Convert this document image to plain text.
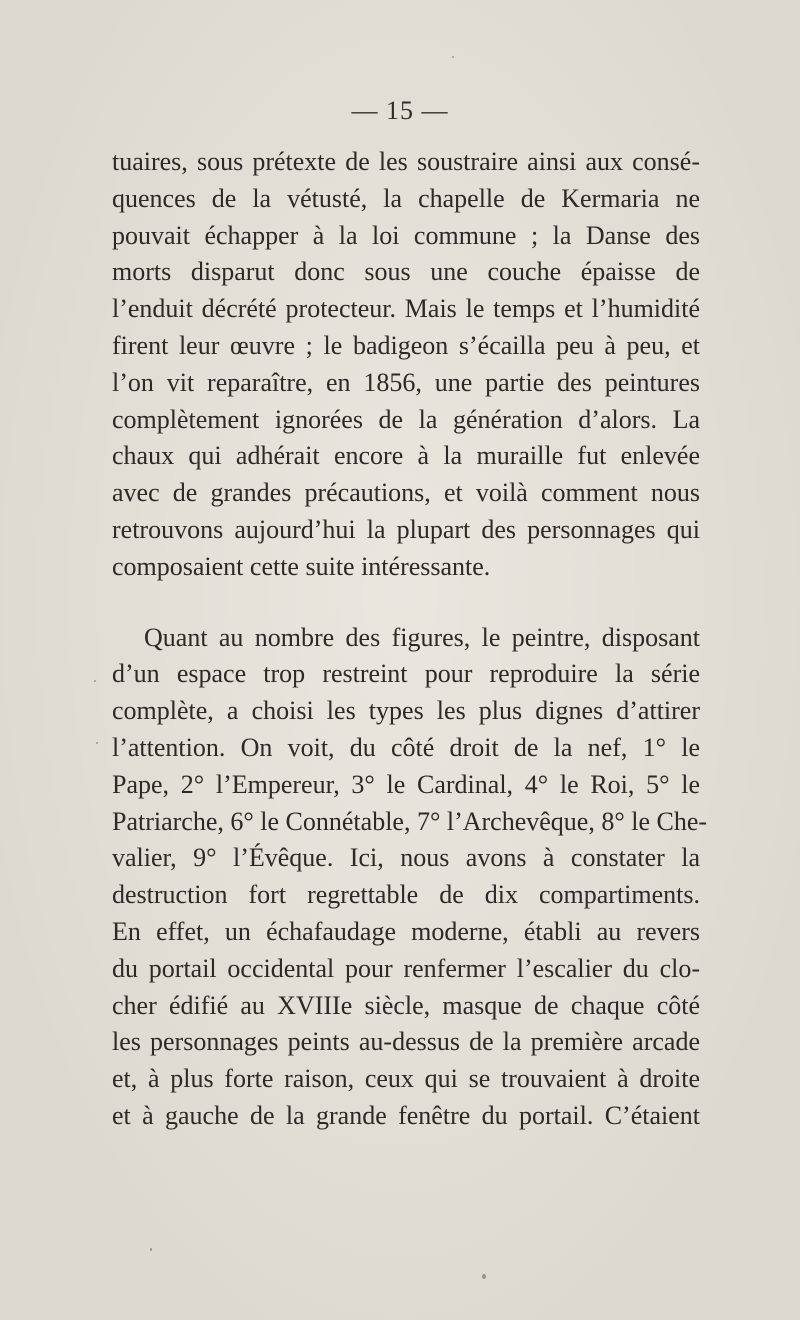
— 15 —
tuaires, sous prétexte de les soustraire ainsi aux consé-
quences de la vétusté, la chapelle de Kermaria ne
pouvait échapper à la loi commune ; la Danse des
morts disparut donc sous une couche épaisse de
l’enduit décrété protecteur. Mais le temps et l’humidité
firent leur œuvre ; le badigeon s’écailla peu à peu, et
l’on vit reparaître, en 1856, une partie des peintures
complètement ignorées de la génération d’alors. La
chaux qui adhérait encore à la muraille fut enlevée
avec de grandes précautions, et voilà comment nous
retrouvons aujourd’hui la plupart des personnages qui
composaient cette suite intéressante.
Quant au nombre des figures, le peintre, disposant
d’un espace trop restreint pour reproduire la série
complète, a choisi les types les plus dignes d’attirer
l’attention. On voit, du côté droit de la nef, 1° le
Pape, 2° l’Empereur, 3° le Cardinal, 4° le Roi, 5° le
Patriarche, 6° le Connétable, 7° l’Archevêque, 8° le Che-
valier, 9° l’Évêque. Ici, nous avons à constater la
destruction fort regrettable de dix compartiments.
En effet, un échafaudage moderne, établi au revers
du portail occidental pour renfermer l’escalier du clo-
cher édifié au XVIIIe siècle, masque de chaque côté
les personnages peints au-dessus de la première arcade
et, à plus forte raison, ceux qui se trouvaient à droite
et à gauche de la grande fenêtre du portail. C’étaient
